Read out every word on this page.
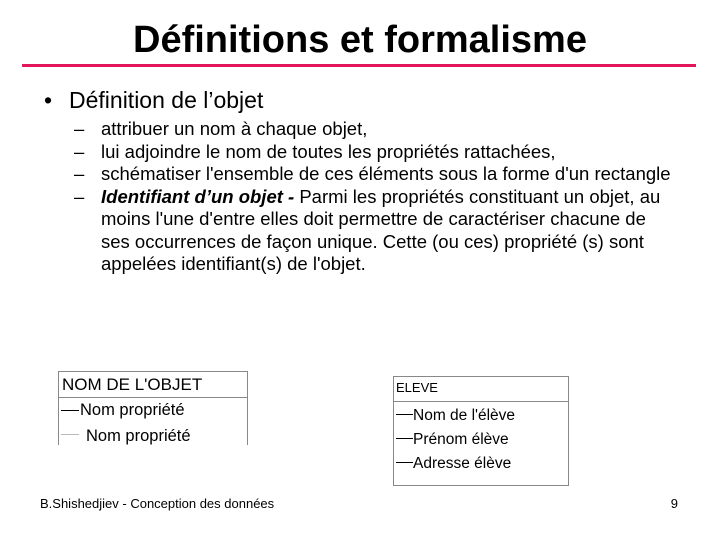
Définitions et formalisme
• Définition de l’objet
– attribuer un nom à chaque objet,
– lui adjoindre le nom de toutes les propriétés rattachées,
– schématiser l'ensemble de ces éléments sous la forme d'un rectangle
– Identifiant d’un objet - Parmi les propriétés constituant un objet, au moins l'une d'entre elles doit permettre de caractériser chacune de ses occurrences de façon unique. Cette (ou ces) propriété (s) sont appelées identifiant(s) de l'objet.
NOM DE L'OBJET
Nom propriété
Nom propriété
ELEVE
Nom de l'élève
Prénom élève
Adresse élève
B.Shishedjiev - Conception des données	9
